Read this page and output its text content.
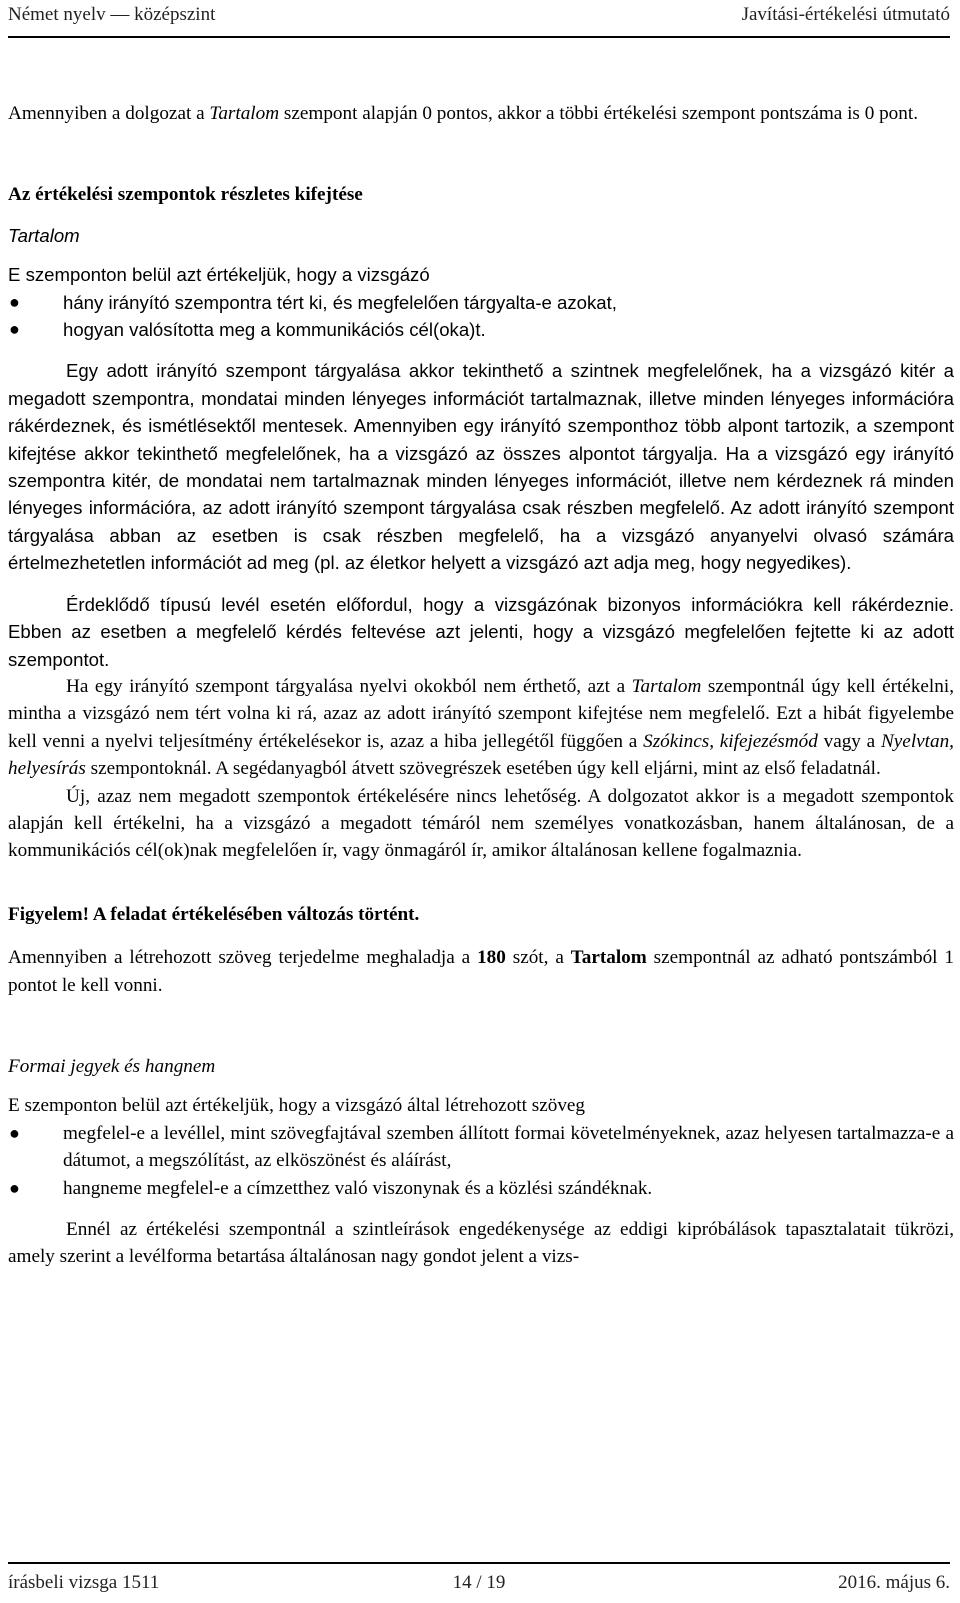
Német nyelv — középszint	Javítási-értékelési útmutató

Amennyiben a dolgozat a Tartalom szempont alapján 0 pontos, akkor a többi értékelési szempont pontszáma is 0 pont.

Az értékelési szempontok részletes kifejtése

Tartalom

E szemponton belül azt értékeljük, hogy a vizsgázó

● hány irányító szempontra tért ki, és megfelelően tárgyalta-e azokat,
● hogyan valósította meg a kommunikációs cél(oka)t.

Egy adott irányító szempont tárgyalása akkor tekinthető a szintnek megfelelőnek, ha a vizsgázó kitér a megadott szempontra, mondatai minden lényeges információt tartalmaznak, illetve minden lényeges információra rákérdeznek, és ismétlésektől mentesek. Amennyiben egy irányító szemponthoz több alpont tartozik, a szempont kifejtése akkor tekinthető megfelelőnek, ha a vizsgázó az összes alpontot tárgyalja. Ha a vizsgázó egy irányító szempontra kitér, de mondatai nem tartalmaznak minden lényeges információt, illetve nem kérdeznek rá minden lényeges információra, az adott irányító szempont tárgyalása csak részben megfelelő. Az adott irányító szempont tárgyalása abban az esetben is csak részben megfelelő, ha a vizsgázó anyanyelvi olvasó számára értelmezhetetlen információt ad meg (pl. az életkor helyett a vizsgázó azt adja meg, hogy negyedikes).

Érdeklődő típusú levél esetén előfordul, hogy a vizsgázónak bizonyos információkra kell rákérdeznie. Ebben az esetben a megfelelő kérdés feltevése azt jelenti, hogy a vizsgázó megfelelően fejtette ki az adott szempontot.

Ha egy irányító szempont tárgyalása nyelvi okokból nem érthető, azt a Tartalom szempontnál úgy kell értékelni, mintha a vizsgázó nem tért volna ki rá, azaz az adott irányító szempont kifejtése nem megfelelő. Ezt a hibát figyelembe kell venni a nyelvi teljesítmény értékelésekor is, azaz a hiba jellegétől függően a Szókincs, kifejezésmód vagy a Nyelvtan, helyesírás szempontoknál. A segédanyagból átvett szövegrészek esetében úgy kell eljárni, mint az első feladatnál.

Új, azaz nem megadott szempontok értékelésére nincs lehetőség. A dolgozatot akkor is a megadott szempontok alapján kell értékelni, ha a vizsgázó a megadott témáról nem személyes vonatkozásban, hanem általánosan, de a kommunikációs cél(ok)nak megfelelően ír, vagy önmagáról ír, amikor általánosan kellene fogalmaznia.

Figyelem! A feladat értékelésében változás történt.

Amennyiben a létrehozott szöveg terjedelme meghaladja a 180 szót, a Tartalom szempontnál az adható pontszámból 1 pontot le kell vonni.

Formai jegyek és hangnem

E szemponton belül azt értékeljük, hogy a vizsgázó által létrehozott szöveg

● megfelel-e a levéllel, mint szövegfajtával szemben állított formai követelményeknek, azaz helyesen tartalmazza-e a dátumot, a megszólítást, az elköszönést és aláírást,
● hangneme megfelel-e a címzetthez való viszonynak és a közlési szándéknak.

Ennél az értékelési szempontnál a szintleírások engedékenysége az eddigi kipróbálások tapasztalatait tükrözi, amely szerint a levélforma betartása általánosan nagy gondot jelent a vizs-

írásbeli vizsga 1511	14 / 19	2016. május 6.
